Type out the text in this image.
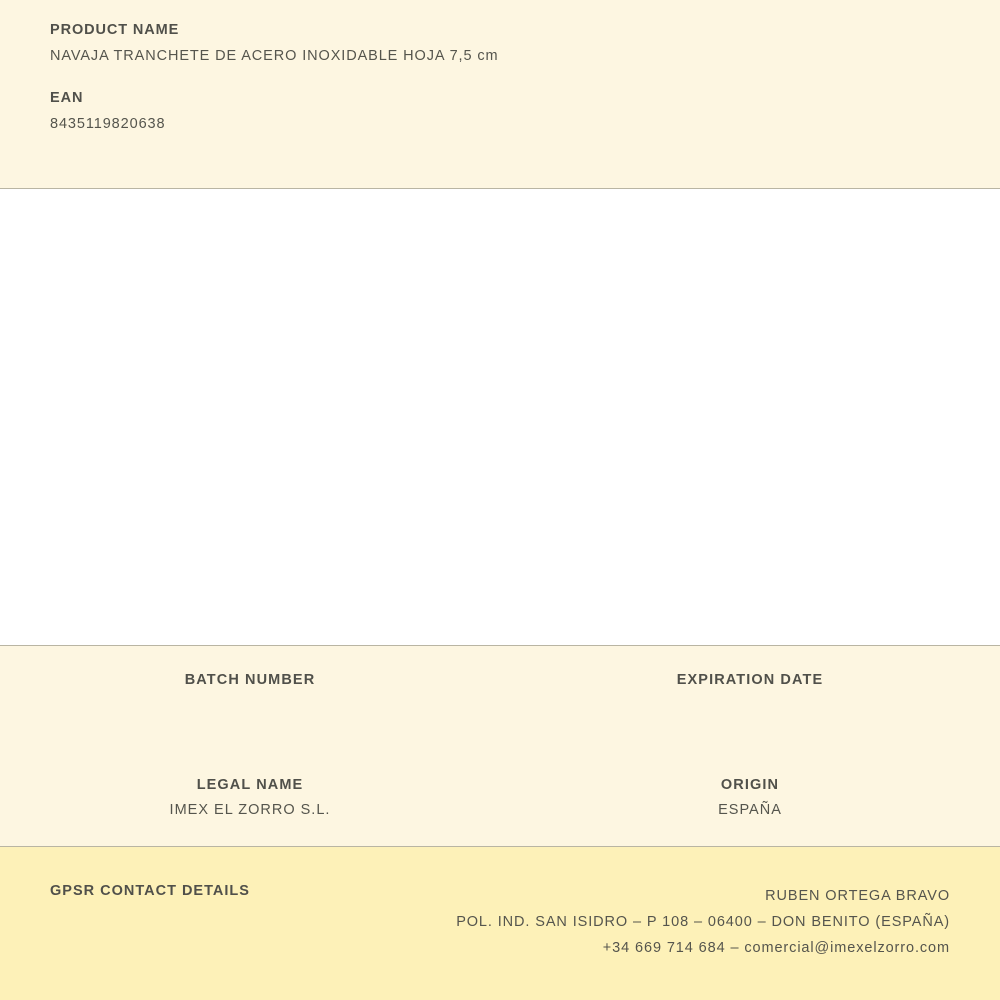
PRODUCT NAME
NAVAJA TRANCHETE DE ACERO INOXIDABLE HOJA 7,5 cm
EAN
8435119820638
BATCH NUMBER	EXPIRATION DATE
LEGAL NAME
IMEX EL ZORRO S.L.
ORIGIN
ESPAÑA
GPSR CONTACT DETAILS	RUBEN ORTEGA BRAVO
POL. IND. SAN ISIDRO – P 108 – 06400 – DON BENITO (ESPAÑA)
+34 669 714 684 – comercial@imexelzorro.com
